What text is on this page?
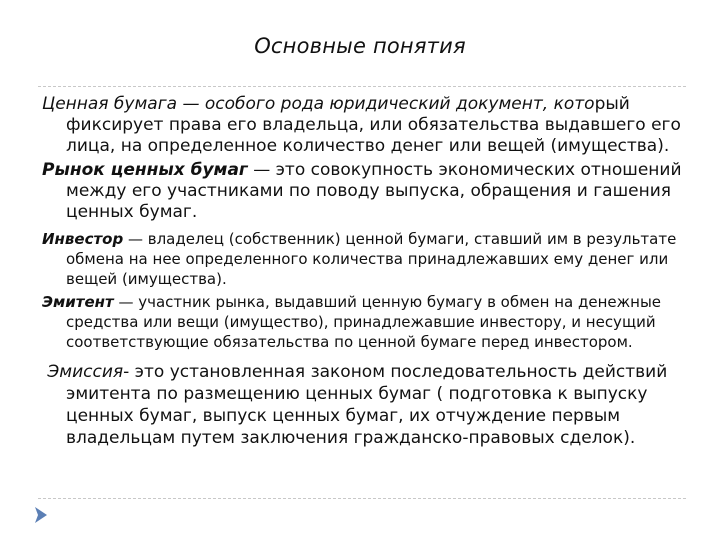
Основные понятия

Ценная бумага — особого рода юридический документ, который фиксирует права его владельца, или обязательства выдавшего его лица, на определенное количество денег или вещей (имущества).

Рынок ценных бумаг — это совокупность экономических отношений между его участниками по поводу выпуска, обращения и гашения ценных бумаг.

Инвестор — владелец (собственник) ценной бумаги, ставший им в результате обмена на нее определенного количества принадлежавших ему денег или вещей (имущества).

Эмитент — участник рынка, выдавший ценную бумагу в обмен на денежные средства или вещи (имущество), принадлежавшие инвестору, и несущий соответствующие обязательства по ценной бумаге перед инвестором.

Эмиссия- это установленная законом последовательность действий эмитента по размещению ценных бумаг ( подготовка к выпуску ценных бумаг, выпуск ценных бумаг, их отчуждение первым владельцам путем заключения гражданско-правовых сделок).
